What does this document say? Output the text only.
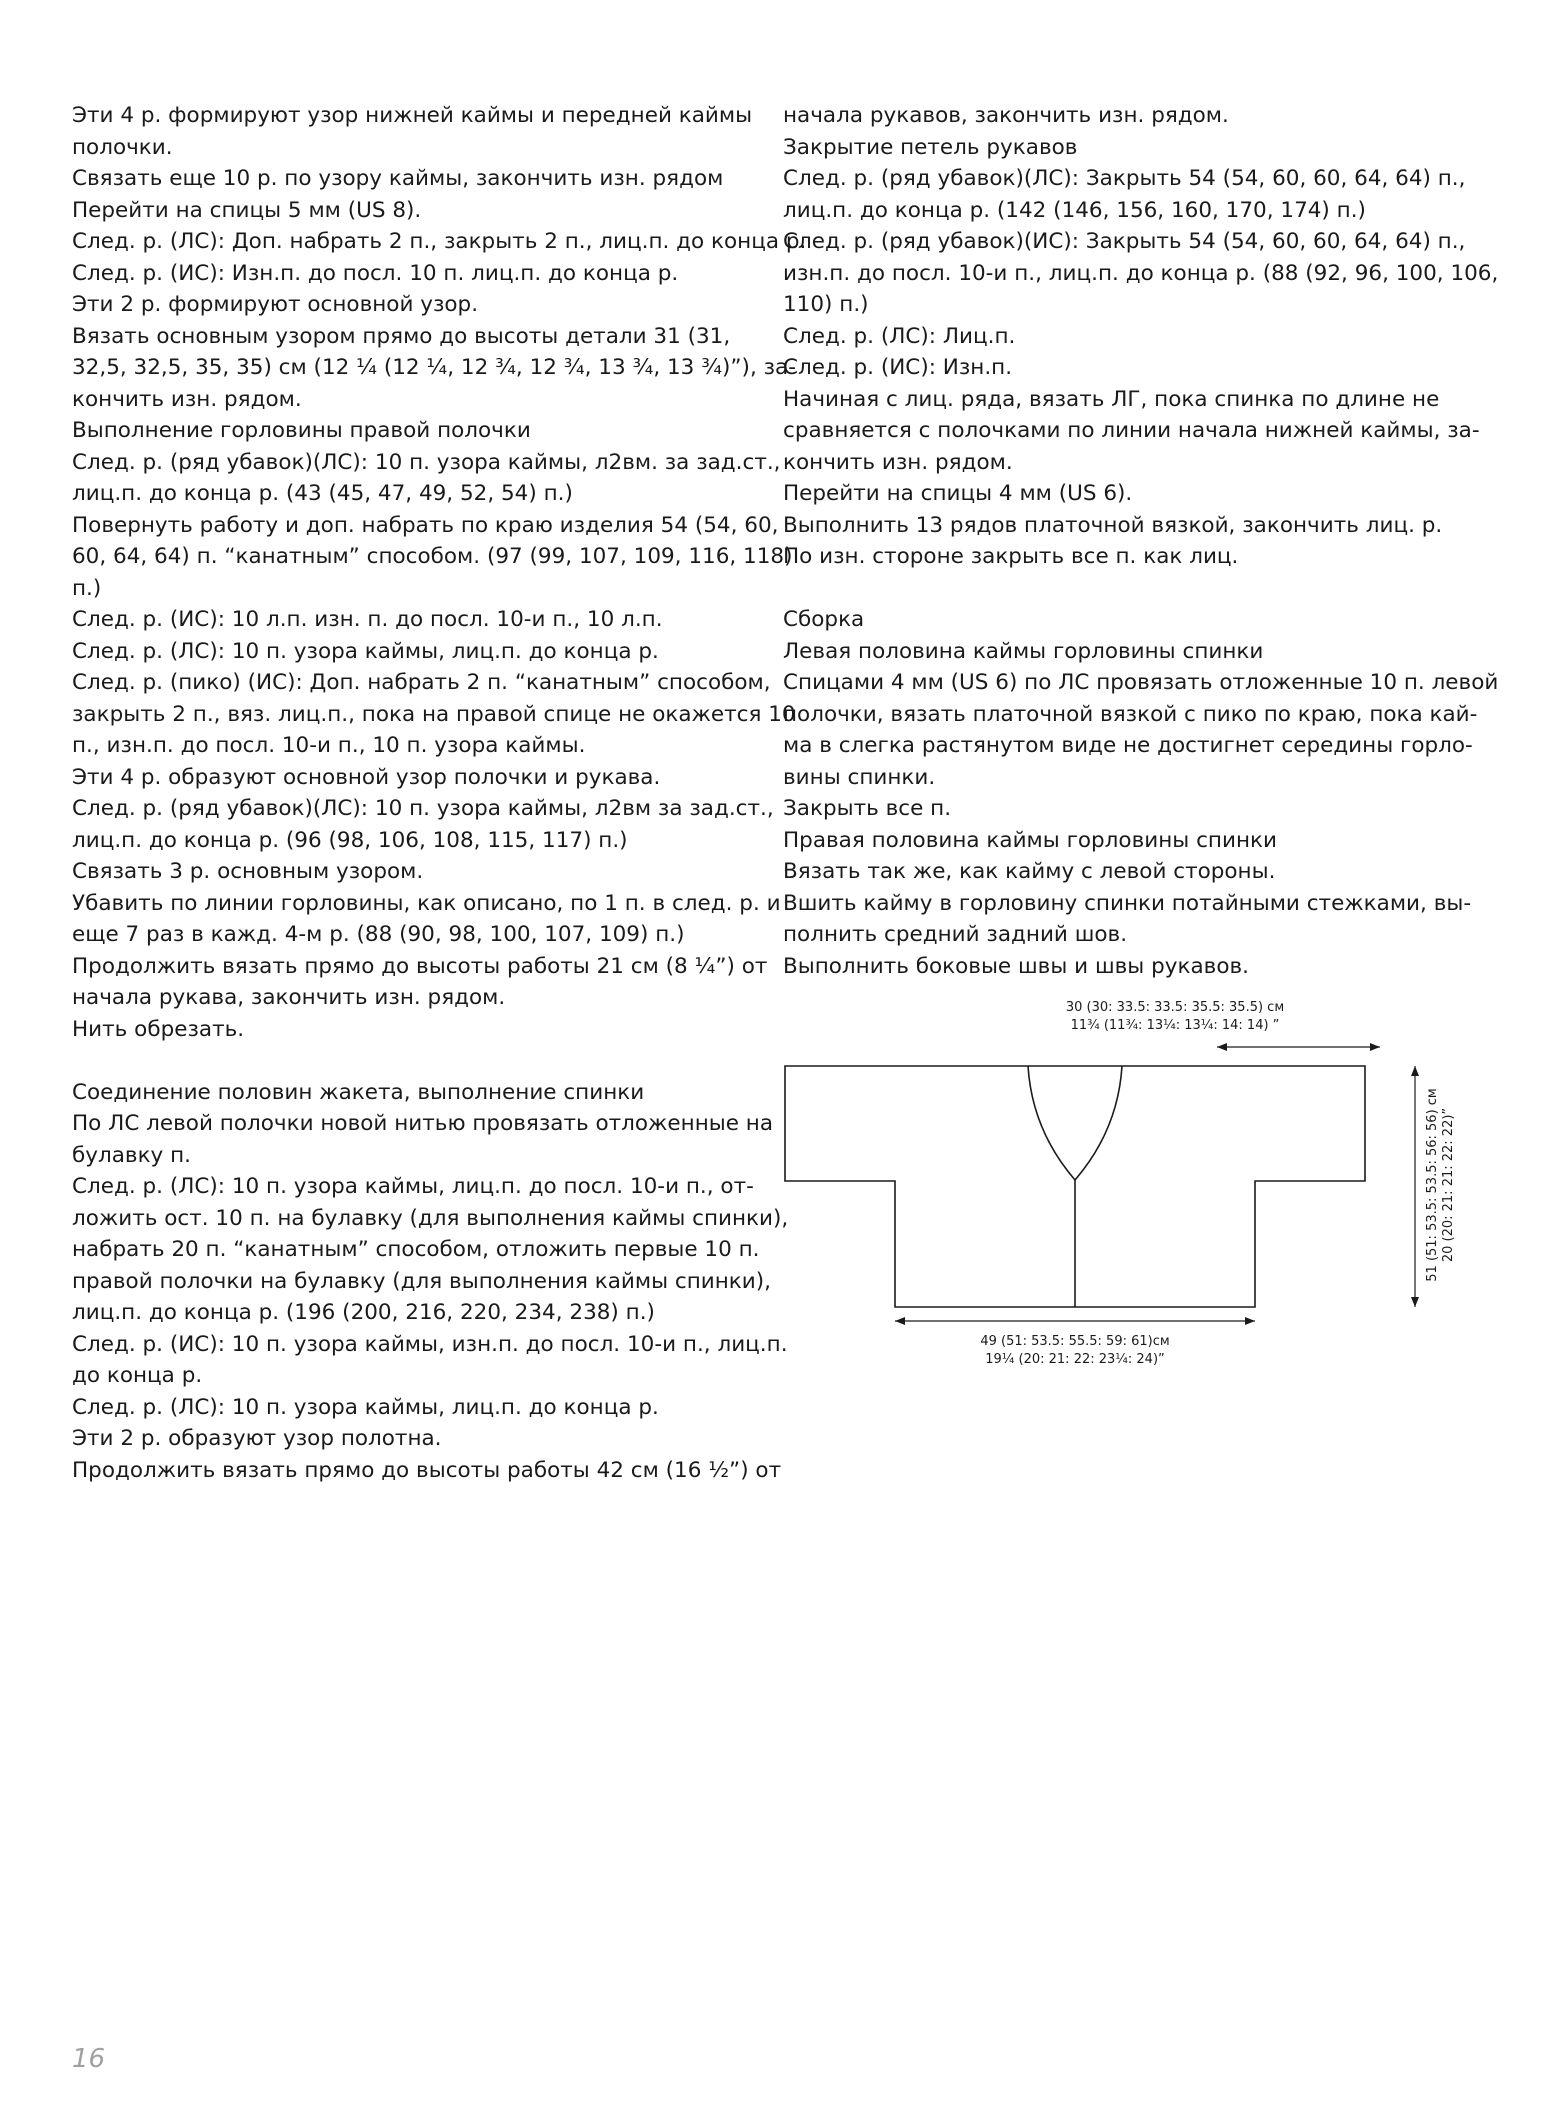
Эти 4 р. формируют узор нижней каймы и передней каймы

полочки.

Связать еще 10 р. по узору каймы, закончить изн. рядом

Перейти на спицы 5 мм (US 8).

След. р. (ЛС): Доп. набрать 2 п., закрыть 2 п., лиц.п. до конца р.

След. р. (ИС): Изн.п. до посл. 10 п. лиц.п. до конца р.

Эти 2 р. формируют основной узор.

Вязать основным узором прямо до высоты детали 31 (31,

32,5, 32,5, 35, 35) см (12 ¼ (12 ¼, 12 ¾, 12 ¾, 13 ¾, 13 ¾)”), за-

кончить изн. рядом.

Выполнение горловины правой полочки

След. р. (ряд убавок)(ЛС): 10 п. узора каймы, л2вм. за зад.ст.,

лиц.п. до конца р. (43 (45, 47, 49, 52, 54) п.)

Повернуть работу и доп. набрать по краю изделия 54 (54, 60,

60, 64, 64) п. “канатным” способом. (97 (99, 107, 109, 116, 118)

п.)

След. р. (ИС): 10 л.п. изн. п. до посл. 10-и п., 10 л.п.

След. р. (ЛС): 10 п. узора каймы, лиц.п. до конца р.

След. р. (пико) (ИС): Доп. набрать 2 п. “канатным” способом,

закрыть 2 п., вяз. лиц.п., пока на правой спице не окажется 10

п., изн.п. до посл. 10-и п., 10 п. узора каймы.

Эти 4 р. образуют основной узор полочки и рукава.

След. р. (ряд убавок)(ЛС): 10 п. узора каймы, л2вм за зад.ст.,

лиц.п. до конца р. (96 (98, 106, 108, 115, 117) п.)

Связать 3 р. основным узором.

Убавить по линии горловины, как описано, по 1 п. в след. р. и

еще 7 раз в кажд. 4-м р. (88 (90, 98, 100, 107, 109) п.)

Продолжить вязать прямо до высоты работы 21 см (8 ¼”) от

начала рукава, закончить изн. рядом.

Нить обрезать.

Соединение половин жакета, выполнение спинки

По ЛС левой полочки новой нитью провязать отложенные на

булавку п.

След. р. (ЛС): 10 п. узора каймы, лиц.п. до посл. 10-и п., от-

ложить ост. 10 п. на булавку (для выполнения каймы спинки),

набрать 20 п. “канатным” способом, отложить первые 10 п.

правой полочки на булавку (для выполнения каймы спинки),

лиц.п. до конца р. (196 (200, 216, 220, 234, 238) п.)

След. р. (ИС): 10 п. узора каймы, изн.п. до посл. 10-и п., лиц.п.

до конца р.

След. р. (ЛС): 10 п. узора каймы, лиц.п. до конца р.

Эти 2 р. образуют узор полотна.

Продолжить вязать прямо до высоты работы 42 см (16 ½”) от

начала рукавов, закончить изн. рядом.

Закрытие петель рукавов

След. р. (ряд убавок)(ЛС): Закрыть 54 (54, 60, 60, 64, 64) п.,

лиц.п. до конца р. (142 (146, 156, 160, 170, 174) п.)

След. р. (ряд убавок)(ИС): Закрыть 54 (54, 60, 60, 64, 64) п.,

изн.п. до посл. 10-и п., лиц.п. до конца р. (88 (92, 96, 100, 106,

110) п.)

След. р. (ЛС): Лиц.п.

След. р. (ИС): Изн.п.

Начиная с лиц. ряда, вязать ЛГ, пока спинка по длине не

сравняется с полочками по линии начала нижней каймы, за-

кончить изн. рядом.

Перейти на спицы 4 мм (US 6).

Выполнить 13 рядов платочной вязкой, закончить лиц. р.

По изн. стороне закрыть все п. как лиц.

Сборка

Левая половина каймы горловины спинки

Спицами 4 мм (US 6) по ЛС провязать отложенные 10 п. левой

полочки, вязать платочной вязкой с пико по краю, пока кай-

ма в слегка растянутом виде не достигнет середины горло-

вины спинки.

Закрыть все п.

Правая половина каймы горловины спинки

Вязать так же, как кайму с левой стороны.

Вшить кайму в горловину спинки потайными стежками, вы-

полнить средний задний шов.

Выполнить боковые швы и швы рукавов.

30 (30: 33.5: 33.5: 35.5: 35.5) см
11¾ (11¾: 13¼: 13¼: 14: 14) ”
49 (51: 53.5: 55.5: 59: 61)см
19¼ (20: 21: 22: 23¼: 24)”
51 (51: 53.5: 53.5: 56: 56) см 20 (20: 21: 21: 22: 22)”
16
